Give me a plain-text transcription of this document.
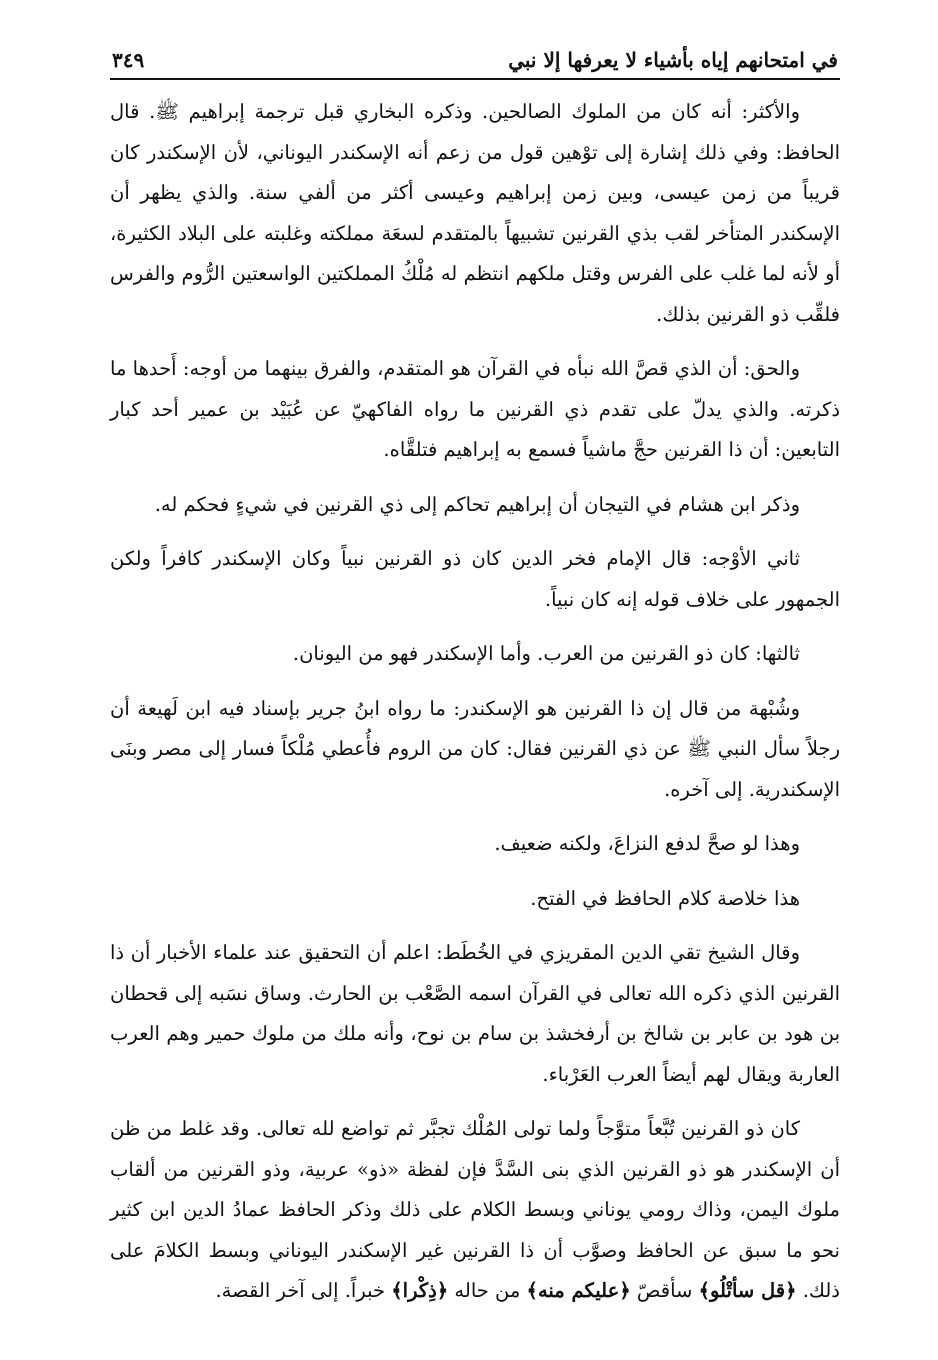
في امتحانهم إياه بأشياء لا يعرفها إلا نبي
٣٤٩

والأكثر: أنه كان من الملوك الصالحين. وذكره البخاري قبل ترجمة إبراهيم ﷺ. قال الحافظ: وفي ذلك إشارة إلى توْهين قول من زعم أنه الإسكندر اليوناني، لأن الإسكندر كان قريباً من زمن عيسى، وبين زمن إبراهيم وعيسى أكثر من ألفي سنة. والذي يظهر أن الإسكندر المتأخر لقب بذي القرنين تشبيهاً بالمتقدم لسعَة مملكته وغلبته على البلاد الكثيرة، أو لأنه لما غلب على الفرس وقتل ملكهم انتظم له مُلْكُ المملكتين الواسعتين الرُّوم والفرس فلقِّب ذو القرنين بذلك.

والحق: أن الذي قصَّ الله نبأه في القرآن هو المتقدم، والفرق بينهما من أوجه: أَحدها ما ذكرته. والذي يدلّ على تقدم ذي القرنين ما رواه الفاكهيّ عن عُبَيْد بن عمير أحد كبار التابعين: أن ذا القرنين حجَّ ماشياً فسمع به إبراهيم فتلقَّاه.

وذكر ابن هشام في التيجان أن إبراهيم تحاكم إلى ذي القرنين في شيءٍ فحكم له.

ثاني الأوْجه: قال الإمام فخر الدين كان ذو القرنين نبياً وكان الإسكندر كافراً ولكن الجمهور على خلاف قوله إنه كان نبياً.

ثالثها: كان ذو القرنين من العرب. وأما الإسكندر فهو من اليونان.

وشُبْهة من قال إن ذا القرنين هو الإسكندر: ما رواه ابنُ جرير بإسناد فيه ابن لَهيعة أن رجلاً سأل النبي ﷺ عن ذي القرنين فقال: كان من الروم فأُعطي مُلْكاً فسار إلى مصر وبنَى الإسكندرية. إلى آخره.

وهذا لو صحَّ لدفع النزاعَ، ولكنه ضعيف.

هذا خلاصة كلام الحافظ في الفتح.

وقال الشيخ تقي الدين المقريزي في الخُطَط: اعلم أن التحقيق عند علماء الأخبار أن ذا القرنين الذي ذكره الله تعالى في القرآن اسمه الصَّعْب بن الحارث. وساق نسَبه إلى قحطان بن هود بن عابر بن شالخ بن أرفخشذ بن سام بن نوح، وأنه ملك من ملوك حمير وهم العرب العاربة ويقال لهم أيضاً العرب العَرْباء.

كان ذو القرنين تُبَّعاً متوَّجاً ولما تولى المُلْك تجبَّر ثم تواضع لله تعالى. وقد غلط من ظن أن الإسكندر هو ذو القرنين الذي بنى السَّدَّ فإن لفظة «ذو» عربية، وذو القرنين من ألقاب ملوك اليمن، وذاك رومي يوناني وبسط الكلام على ذلك وذكر الحافظ عمادُ الدين ابن كثير نحو ما سبق عن الحافظ وصوَّب أن ذا القرنين غير الإسكندر اليوناني وبسط الكلامَ على ذلك. ﴿قل سأتْلُو﴾ سأقصّ ﴿عليكم منه﴾ من حاله ﴿ذِكْرا﴾ خبراً. إلى آخر القصة.
